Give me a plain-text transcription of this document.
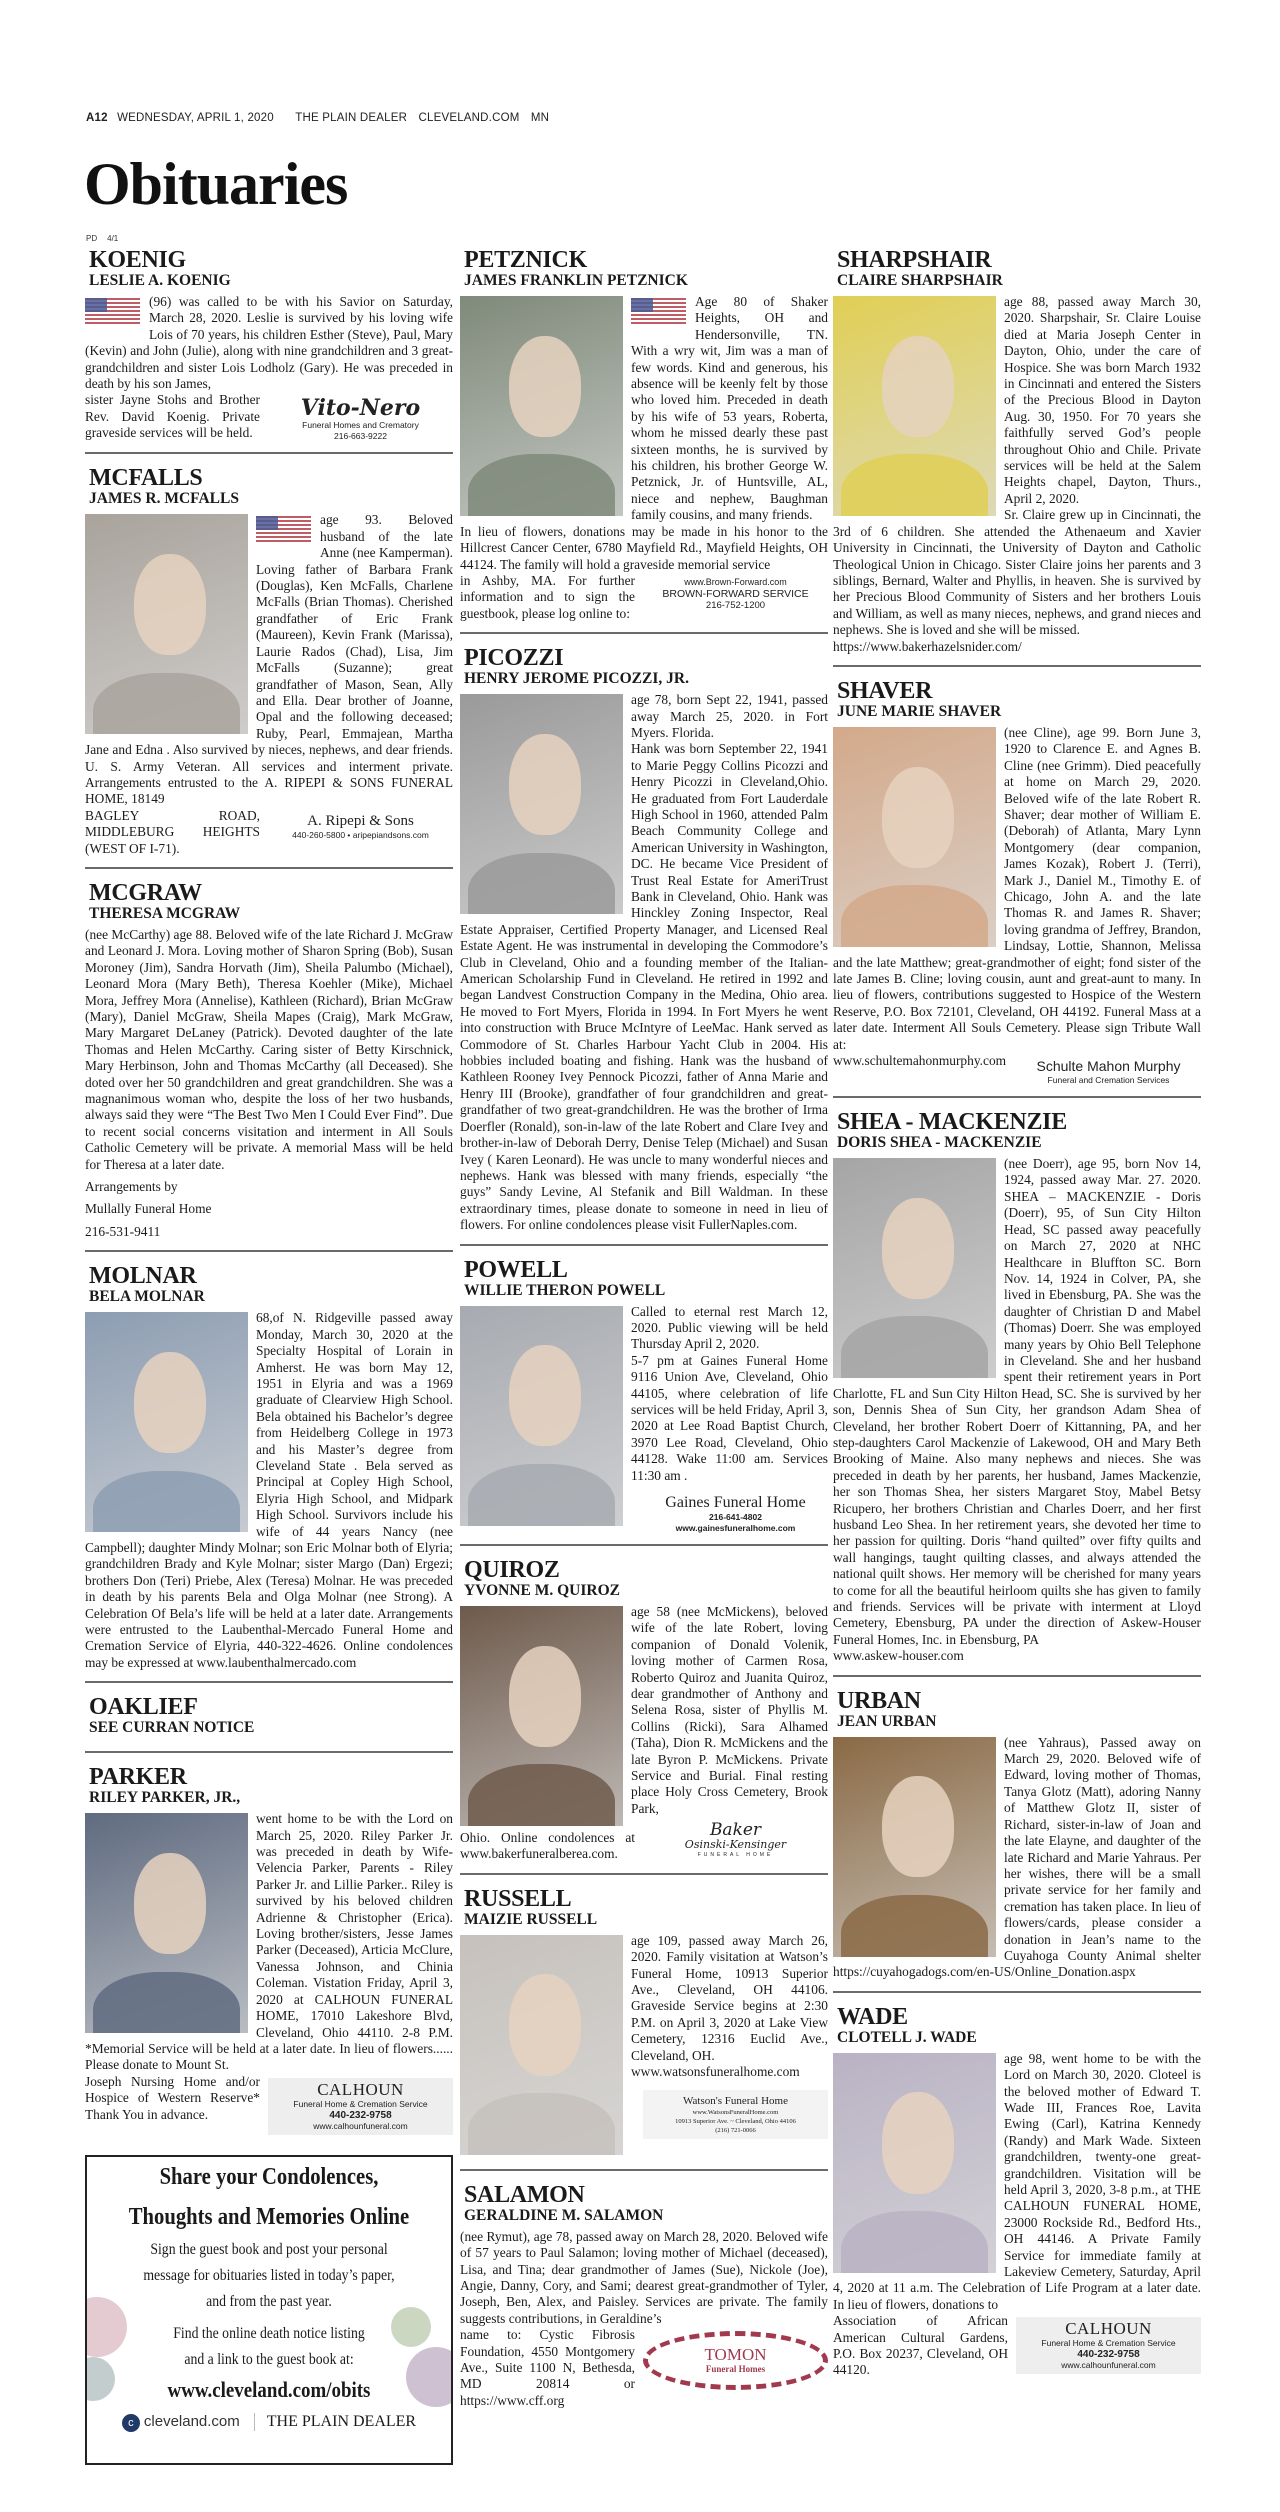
A12 WEDNESDAY, APRIL 1, 2020 THE PLAIN DEALER CLEVELAND.COM MN
Obituaries
PD 4/1
KOENIG
LESLIE A. KOENIG

(96) was called to be with his Savior on Saturday, March 28, 2020. Leslie is survived by his loving wife Lois of 70 years, his children Esther (Steve), Paul, Mary (Kevin) and John (Julie), along with nine grandchildren and 3 great-grandchildren and sister Lois Lodholz (Gary). He was preceded in death by his son James,

Vito-Nero
Funeral Homes and Crematory
216-663-9222

sister Jayne Stohs and Brother Rev. David Koenig. Private graveside services will be held.

MCFALLS
JAMES R. MCFALLS

age 93. Beloved husband of the late Anne (nee Kamperman). Loving father of Barbara Frank (Douglas), Ken McFalls, Charlene McFalls (Brian Thomas). Cherished grandfather of Eric Frank (Maureen), Kevin Frank (Marissa), Laurie Rados (Chad), Lisa, Jim McFalls (Suzanne); great grandfather of Mason, Sean, Ally and Ella. Dear brother of Joanne, Opal and the following deceased; Ruby, Pearl, Emmajean, Martha Jane and Edna . Also survived by nieces, nephews, and dear friends. U. S. Army Veteran. All services and interment private. Arrangements entrusted to the A. RIPEPI & SONS FUNERAL HOME, 18149

A. Ripepi & Sons
440-260-5800 • aripepiandsons.com

BAGLEY ROAD, MIDDLEBURG HEIGHTS (WEST OF I-71).

MCGRAW
THERESA MCGRAW

(nee McCarthy) age 88. Beloved wife of the late Richard J. McGraw and Leonard J. Mora. Loving mother of Sharon Spring (Bob), Susan Moroney (Jim), Sandra Horvath (Jim), Sheila Palumbo (Michael), Leonard Mora (Mary Beth), Theresa Koehler (Mike), Michael Mora, Jeffrey Mora (Annelise), Kathleen (Richard), Brian McGraw (Mary), Daniel McGraw, Sheila Mapes (Craig), Mark McGraw, Mary Margaret DeLaney (Patrick). Devoted daughter of the late Thomas and Helen McCarthy. Caring sister of Betty Kirschnick, Mary Herbinson, John and Thomas McCarthy (all Deceased). She doted over her 50 grandchildren and great grandchildren. She was a magnanimous woman who, despite the loss of her two husbands, always said they were “The Best Two Men I Could Ever Find”. Due to recent social concerns visitation and interment in All Souls Catholic Cemetery will be private. A memorial Mass will be held for Theresa at a later date.

Arrangements by

Mullally Funeral Home

216-531-9411

MOLNAR
BELA MOLNAR

68,of N. Ridgeville passed away Monday, March 30, 2020 at the Specialty Hospital of Lorain in Amherst. He was born May 12, 1951 in Elyria and was a 1969 graduate of Clearview High School. Bela obtained his Bachelor’s degree from Heidelberg College in 1973 and his Master’s degree from Cleveland State . Bela served as Principal at Copley High School, Elyria High School, and Midpark High School. Survivors include his wife of 44 years Nancy (nee Campbell); daughter Mindy Molnar; son Eric Molnar both of Elyria; grandchildren Brady and Kyle Molnar; sister Margo (Dan) Ergezi; brothers Don (Teri) Priebe, Alex (Teresa) Molnar. He was preceded in death by his parents Bela and Olga Molnar (nee Strong). A Celebration Of Bela’s life will be held at a later date. Arrangements were entrusted to the Laubenthal-Mercado Funeral Home and Cremation Service of Elyria, 440-322-4626. Online condolences may be expressed at www.laubenthalmercado.com

OAKLIEF
SEE CURRAN NOTICE
PARKER
RILEY PARKER, JR.,

went home to be with the Lord on March 25, 2020. Riley Parker Jr. was preceded in death by Wife- Velencia Parker, Parents - Riley Parker Jr. and Lillie Parker.. Riley is survived by his beloved children Adrienne & Christopher (Erica). Loving brother/sisters, Jesse James Parker (Deceased), Articia McClure, Vanessa Johnson, and Chinia Coleman. Vistation Friday, April 3, 2020 at CALHOUN FUNERAL HOME, 17010 Lakeshore Blvd, Cleveland, Ohio 44110. 2-8 P.M. *Memorial Service will be held at a later date. In lieu of flowers...... Please donate to Mount St.

CALHOUN
Funeral Home & Cremation Service
440-232-9758
www.calhounfuneral.com

Joseph Nursing Home and/or Hospice of Western Reserve* Thank You in advance.

Share your Condolences,
Thoughts and Memories Online
Sign the guest book and post your personal
message for obituaries listed in today’s paper,
and from the past year.
Find the online death notice listing
and a link to the guest book at:
www.cleveland.com/obits
c cleveland.com	THE PLAIN DEALER
PETZNICK
JAMES FRANKLIN PETZNICK

Age 80 of Shaker Heights, OH and Hendersonville, TN. With a wry wit, Jim was a man of few words. Kind and generous, his absence will be keenly felt by those who loved him. Preceded in death by his wife of 53 years, Roberta, whom he missed dearly these past sixteen months, he is survived by his children, his brother George W. Petznick, Jr. of Huntsville, AL, niece and nephew, Baughman family cousins, and many friends.

In lieu of flowers, donations may be made in his honor to the Hillcrest Cancer Center, 6780 Mayfield Rd., Mayfield Heights, OH 44124. The family will hold a graveside memorial service

www.Brown-Forward.com
BROWN-FORWARD SERVICE
216-752-1200

in Ashby, MA. For further information and to sign the guestbook, please log online to:

PICOZZI
HENRY JEROME PICOZZI, JR.

age 78, born Sept 22, 1941, passed away March 25, 2020. in Fort Myers. Florida.

Hank was born September 22, 1941 to Marie Peggy Collins Picozzi and Henry Picozzi in Cleveland,Ohio. He graduated from Fort Lauderdale High School in 1960, attended Palm Beach Community College and American University in Washington, DC. He became Vice President of Trust Real Estate for AmeriTrust Bank in Cleveland, Ohio. Hank was Hinckley Zoning Inspector, Real Estate Appraiser, Certified Property Manager, and Licensed Real Estate Agent. He was instrumental in developing the Commodore’s Club in Cleveland, Ohio and a founding member of the Italian-American Scholarship Fund in Cleveland. He retired in 1992 and began Landvest Construction Company in the Medina, Ohio area. He moved to Fort Myers, Florida in 1994. In Fort Myers he went into construction with Bruce McIntyre of LeeMac. Hank served as Commodore of St. Charles Harbour Yacht Club in 2004. His hobbies included boating and fishing. Hank was the husband of Kathleen Rooney Ivey Pennock Picozzi, father of Anna Marie and Henry III (Brooke), grandfather of four grandchildren and great-grandfather of two great-grandchildren. He was the brother of Irma Doerfler (Ronald), son-in-law of the late Robert and Clare Ivey and brother-in-law of Deborah Derry, Denise Telep (Michael) and Susan Ivey ( Karen Leonard). He was uncle to many wonderful nieces and nephews. Hank was blessed with many friends, especially “the guys” Sandy Levine, Al Stefanik and Bill Waldman. In these extraordinary times, please donate to someone in need in lieu of flowers. For online condolences please visit FullerNaples.com.

POWELL
WILLIE THERON POWELL

Called to eternal rest March 12, 2020. Public viewing will be held Thursday April 2, 2020.

5-7 pm at Gaines Funeral Home 9116 Union Ave, Cleveland, Ohio 44105, where celebration of life services will be held Friday, April 3, 2020 at Lee Road Baptist Church, 3970 Lee Road, Cleveland, Ohio 44128. Wake 11:00 am. Services 11:30 am .

Gaines Funeral Home
216-641-4802
www.gainesfuneralhome.com
QUIROZ
YVONNE M. QUIROZ

age 58 (nee McMickens), beloved wife of the late Robert, loving companion of Donald Volenik, loving mother of Carmen Rosa, Roberto Quiroz and Juanita Quiroz, dear grandmother of Anthony and Selena Rosa, sister of Phyllis M. Collins (Ricki), Sara Alhamed (Taha), Dion R. McMickens and the late Byron P. McMickens. Private Service and Burial. Final resting place Holy Cross Cemetery, Brook Park,

Baker
Osinski-Kensinger
FUNERAL HOME

Ohio. Online condolences at www.bakerfuneralberea.com.

RUSSELL
MAIZIE RUSSELL

age 109, passed away March 26, 2020. Family visitation at Watson’s Funeral Home, 10913 Superior Ave., Cleveland, OH 44106. Graveside Service begins at 2:30 P.M. on April 3, 2020 at Lake View Cemetery, 12316 Euclid Ave., Cleveland, OH.

www.watsonsfuneralhome.com

Watson's Funeral Home
www.WatsonsFuneralHome.com
10913 Superior Ave. ~ Cleveland, Ohio 44106
(216) 721-0066
SALAMON
GERALDINE M. SALAMON

(nee Rymut), age 78, passed away on March 28, 2020. Beloved wife of 57 years to Paul Salamon; loving mother of Michael (deceased), Lisa, and Tina; dear grandmother of James (Sue), Nickole (Joe), Angie, Danny, Cory, and Sami; dearest great-grandmother of Tyler, Joseph, Ben, Alex, and Paisley. Services are private. The family suggests contributions, in Geraldine’s

TOMON
Funeral Homes

name to: Cystic Fibrosis Foundation, 4550 Montgomery Ave., Suite 1100 N, Bethesda, MD 20814 or https://www.cff.org

SHARPSHAIR
CLAIRE SHARPSHAIR

age 88, passed away March 30, 2020. Sharpshair, Sr. Claire Louise died at Maria Joseph Center in Dayton, Ohio, under the care of Hospice. She was born March 1932 in Cincinnati and entered the Sisters of the Precious Blood in Dayton Aug. 30, 1950. For 70 years she faithfully served God’s people throughout Ohio and Chile. Private services will be held at the Salem Heights chapel, Dayton, Thurs., April 2, 2020.

Sr. Claire grew up in Cincinnati, the 3rd of 6 children. She attended the Athenaeum and Xavier University in Cincinnati, the University of Dayton and Catholic Theological Union in Chicago. Sister Claire joins her parents and 3 siblings, Bernard, Walter and Phyllis, in heaven. She is survived by her Precious Blood Community of Sisters and her brothers Louis and William, as well as many nieces, nephews, and grand nieces and nephews. She is loved and she will be missed.

https://www.bakerhazelsnider.com/

SHAVER
JUNE MARIE SHAVER

(nee Cline), age 99. Born June 3, 1920 to Clarence E. and Agnes B. Cline (nee Grimm). Died peacefully at home on March 29, 2020. Beloved wife of the late Robert R. Shaver; dear mother of William E. (Deborah) of Atlanta, Mary Lynn Montgomery (dear companion, James Kozak), Robert J. (Terri), Mark J., Daniel M., Timothy E. of Chicago, John A. and the late Thomas R. and James R. Shaver; loving grandma of Jeffrey, Brandon, Lindsay, Lottie, Shannon, Melissa and the late Matthew; great-grandmother of eight; fond sister of the late James B. Cline; loving cousin, aunt and great-aunt to many. In lieu of flowers, contributions suggested to Hospice of the Western Reserve, P.O. Box 72101, Cleveland, OH 44192. Funeral Mass at a later date. Interment All Souls Cemetery. Please sign Tribute Wall at:

Schulte Mahon Murphy
Funeral and Cremation Services

www.schultemahonmurphy.com

SHEA - MACKENZIE
DORIS SHEA - MACKENZIE

(nee Doerr), age 95, born Nov 14, 1924, passed away Mar. 27. 2020. SHEA – MACKENZIE - Doris (Doerr), 95, of Sun City Hilton Head, SC passed away peacefully on March 27, 2020 at NHC Healthcare in Bluffton SC. Born Nov. 14, 1924 in Colver, PA, she lived in Ebensburg, PA. She was the daughter of Christian D and Mabel (Thomas) Doerr. She was employed many years by Ohio Bell Telephone in Cleveland. She and her husband spent their retirement years in Port Charlotte, FL and Sun City Hilton Head, SC. She is survived by her son, Dennis Shea of Sun City, her grandson Adam Shea of Cleveland, her brother Robert Doerr of Kittanning, PA, and her step-daughters Carol Mackenzie of Lakewood, OH and Mary Beth Brooking of Maine. Also many nephews and nieces. She was preceded in death by her parents, her husband, James Mackenzie, her son Thomas Shea, her sisters Margaret Stoy, Mabel Betsy Ricupero, her brothers Christian and Charles Doerr, and her first husband Leo Shea. In her retirement years, she devoted her time to her passion for quilting. Doris “hand quilted” over fifty quilts and wall hangings, taught quilting classes, and always attended the national quilt shows. Her memory will be cherished for many years to come for all the beautiful heirloom quilts she has given to family and friends. Services will be private with interment at Lloyd Cemetery, Ebensburg, PA under the direction of Askew-Houser Funeral Homes, Inc. in Ebensburg, PA

www.askew-houser.com

URBAN
JEAN URBAN

(nee Yahraus), Passed away on March 29, 2020. Beloved wife of Edward, loving mother of Thomas, Tanya Glotz (Matt), adoring Nanny of Matthew Glotz II, sister of Richard, sister-in-law of Joan and the late Elayne, and daughter of the late Richard and Marie Yahraus. Per her wishes, there will be a small private service for her family and cremation has taken place. In lieu of flowers/cards, please consider a donation in Jean’s name to the Cuyahoga County Animal shelter https://cuyahogadogs.com/en-US/Online_Donation.aspx

WADE
CLOTELL J. WADE

age 98, went home to be with the Lord on March 30, 2020. Cloteel is the beloved mother of Edward T. Wade III, Frances Roe, Lavita Ewing (Carl), Katrina Kennedy (Randy) and Mark Wade. Sixteen grandchildren, twenty-one great-grandchildren. Visitation will be held April 3, 2020, 3-8 p.m., at THE CALHOUN FUNERAL HOME, 23000 Rockside Rd., Bedford Hts., OH 44146. A Private Family Service for immediate family at Lakeview Cemetery, Saturday, April 4, 2020 at 11 a.m. The Celebration of Life Program at a later date. In lieu of flowers, donations to

CALHOUN
Funeral Home & Cremation Service
440-232-9758
www.calhounfuneral.com

Association of African American Cultural Gardens, P.O. Box 20237, Cleveland, OH 44120.
